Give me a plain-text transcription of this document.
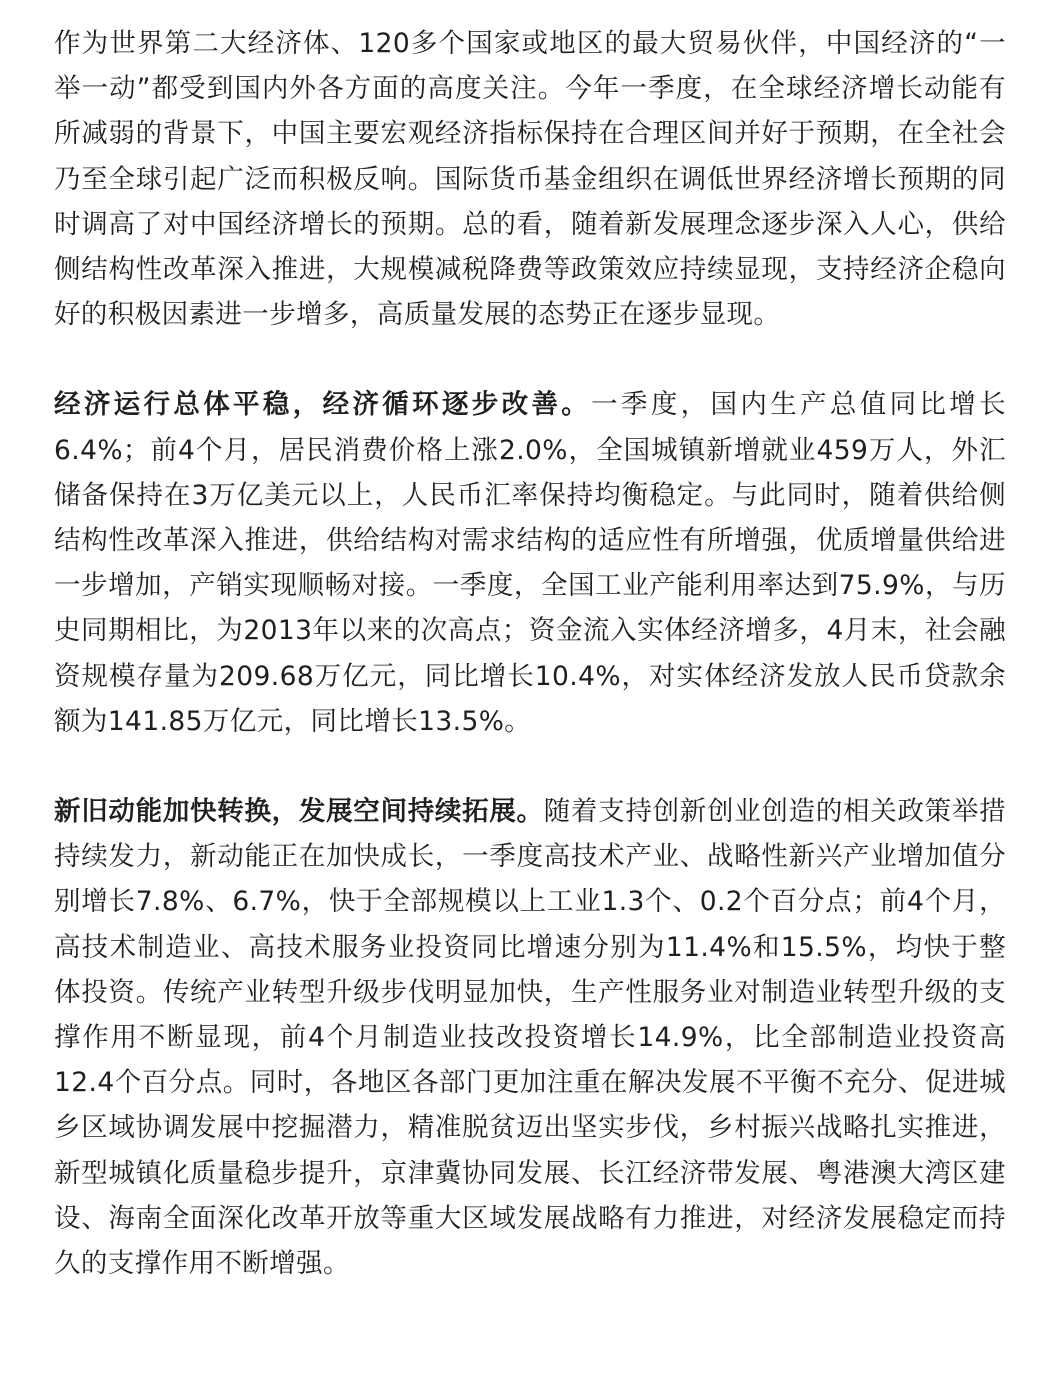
作为世界第二大经济体、120多个国家或地区的最大贸易伙伴，中国经济的“一举一动”都受到国内外各方面的高度关注。今年一季度，在全球经济增长动能有所减弱的背景下，中国主要宏观经济指标保持在合理区间并好于预期，在全社会乃至全球引起广泛而积极反响。国际货币基金组织在调低世界经济增长预期的同时调高了对中国经济增长的预期。总的看，随着新发展理念逐步深入人心，供给侧结构性改革深入推进，大规模减税降费等政策效应持续显现，支持经济企稳向好的积极因素进一步增多，高质量发展的态势正在逐步显现。

经济运行总体平稳，经济循环逐步改善。一季度，国内生产总值同比增长6.4%；前4个月，居民消费价格上涨2.0%，全国城镇新增就业459万人，外汇储备保持在3万亿美元以上，人民币汇率保持均衡稳定。与此同时，随着供给侧结构性改革深入推进，供给结构对需求结构的适应性有所增强，优质增量供给进一步增加，产销实现顺畅对接。一季度，全国工业产能利用率达到75.9%，与历史同期相比，为2013年以来的次高点；资金流入实体经济增多，4月末，社会融资规模存量为209.68万亿元，同比增长10.4%，对实体经济发放人民币贷款余额为141.85万亿元，同比增长13.5%。

新旧动能加快转换，发展空间持续拓展。随着支持创新创业创造的相关政策举措持续发力，新动能正在加快成长，一季度高技术产业、战略性新兴产业增加值分别增长7.8%、6.7%，快于全部规模以上工业1.3个、0.2个百分点；前4个月，高技术制造业、高技术服务业投资同比增速分别为11.4%和15.5%，均快于整体投资。传统产业转型升级步伐明显加快，生产性服务业对制造业转型升级的支撑作用不断显现，前4个月制造业技改投资增长14.9%，比全部制造业投资高12.4个百分点。同时，各地区各部门更加注重在解决发展不平衡不充分、促进城乡区域协调发展中挖掘潜力，精准脱贫迈出坚实步伐，乡村振兴战略扎实推进，新型城镇化质量稳步提升，京津冀协同发展、长江经济带发展、粤港澳大湾区建设、海南全面深化改革开放等重大区域发展战略有力推进，对经济发展稳定而持久的支撑作用不断增强。
